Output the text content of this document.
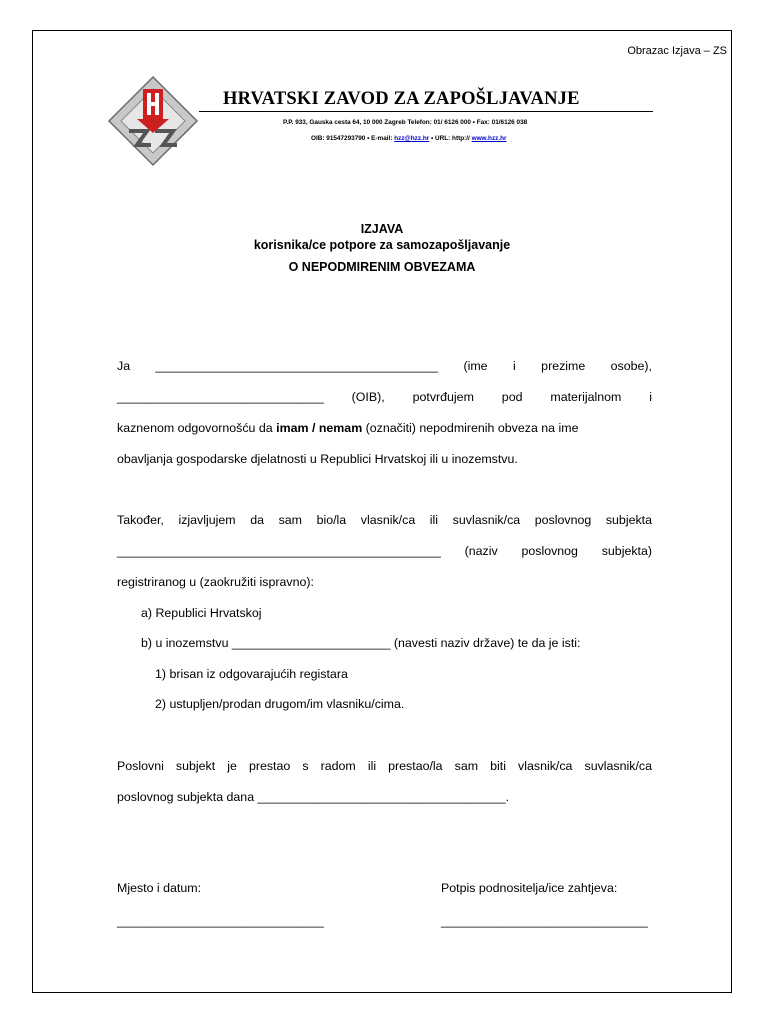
Obrazac Izjava – ZS
HRVATSKI ZAVOD ZA ZAPOŠLJAVANJE
P.P. 933, Gauska cesta 64, 10 000 Zagreb Telefon: 01/ 6126 000 • Fax: 01/6126 038
OIB: 91547293790 • E-mail: hzz@hzz.hr • URL: http:// www.hzz.hr
IZJAVA
korisnika/ce potpore za samozapošljavanje
O NEPODMIRENIM OBVEZAMA
Ja _________________________________________ (ime i prezime osobe),
______________________________ (OIB), potvrđujem pod materijalnom i
kaznenom odgovornošću da imam / nemam (označiti) nepodmirenih obveza na ime
obavljanja gospodarske djelatnosti u Republici Hrvatskoj ili u inozemstvu.
Također, izjavljujem da sam bio/la vlasnik/ca ili suvlasnik/ca poslovnog subjekta
_______________________________________________ (naziv poslovnog subjekta)
registriranog u (zaokružiti ispravno):
a) Republici Hrvatskoj
b) u inozemstvu _______________________ (navesti naziv države) te da je isti:
1) brisan iz odgovarajućih registara
2) ustupljen/prodan drugom/im vlasniku/cima.
Poslovni subjekt je prestao s radom ili prestao/la sam biti vlasnik/ca suvlasnik/ca
poslovnog subjekta dana ____________________________________.
Mjesto i datum:	Potpis podnositelja/ice zahtjeva:
______________________________	______________________________
